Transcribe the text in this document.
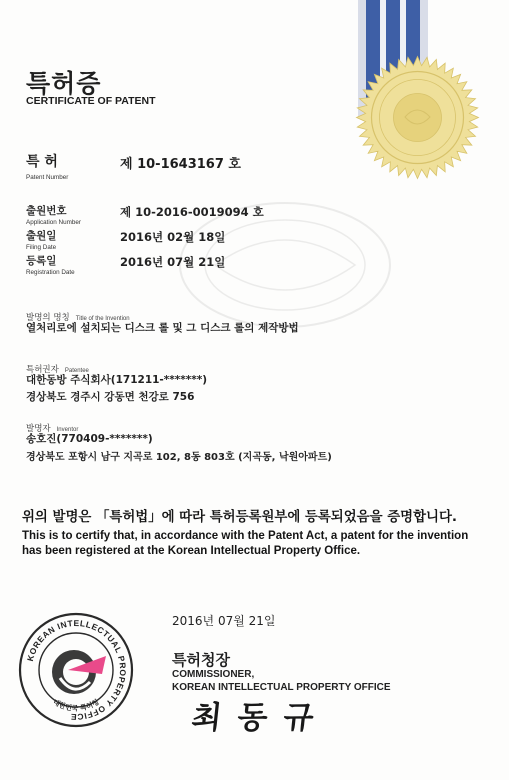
특허증
CERTIFICATE OF PATENT
특 허
Patent Number
제 10-1643167 호
출원번호
Application Number
제 10-2016-0019094 호
출원일
Filing Date
2016년 02월 18일
등록일
Registration Date
2016년 07월 21일
발명의 명칭 Title of the Invention
열처리로에 설치되는 디스크 롤 및 그 디스크 롤의 제작방법
특허권자 Patentee
대한동방 주식회사(171211-*******)
경상북도 경주시 강동면 천강로 756
발명자 Inventor
송호진(770409-*******)
경상북도 포항시 남구 지곡로 102, 8동 803호 (지곡동, 낙원아파트)
위의 발명은 「특허법」에 따라 특허등록원부에 등록되었음을 증명합니다.
This is to certify that, in accordance with the Patent Act, a patent for the invention
has been registered at the Korean Intellectual Property Office.
2016년 07월 21일
특허청장
COMMISSIONER,
KOREAN INTELLECTUAL PROPERTY OFFICE
최동규
KOREAN INTELLECTUAL PROPERTY OFFICE
대한민국 특허청
